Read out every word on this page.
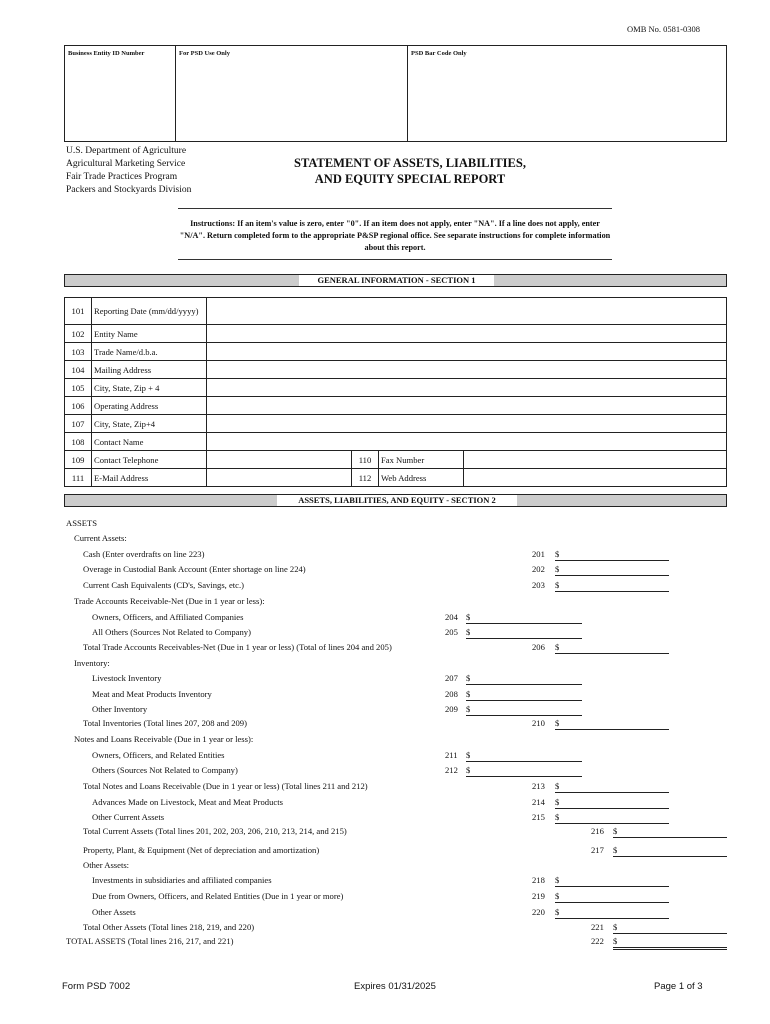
OMB No. 0581-0308
Business Entity ID Number	For PSD Use Only	PSD Bar Code Only
U.S. Department of Agriculture
Agricultural Marketing Service
Fair Trade Practices Program
Packers and Stockyards Division
STATEMENT OF ASSETS, LIABILITIES,
AND EQUITY SPECIAL REPORT
Instructions: If an item's value is zero, enter "0". If an item does not apply, enter "NA". If a line does not apply, enter "N/A". Return completed form to the appropriate P&SP regional office. See separate instructions for complete information about this report.
GENERAL INFORMATION - SECTION 1
101	Reporting Date (mm/dd/yyyy)				
102	Entity Name				
103	Trade Name/d.b.a.				
104	Mailing Address				
105	City, State, Zip + 4				
106	Operating Address				
107	City, State, Zip+4				
108	Contact Name				
109	Contact Telephone		110	Fax Number	
111	E-Mail Address		112	Web Address	
ASSETS, LIABILITIES, AND EQUITY - SECTION 2
ASSETS
Current Assets:
Cash (Enter overdrafts on line 223)	201 $
Overage in Custodial Bank Account (Enter shortage on line 224)	202 $
Current Cash Equivalents (CD's, Savings, etc.)	203 $
Trade Accounts Receivable-Net (Due in 1 year or less):
Owners, Officers, and Affiliated Companies	204 $
All Others (Sources Not Related to Company)	205 $
Total Trade Accounts Receivables-Net (Due in 1 year or less) (Total of lines 204 and 205)	206 $
Inventory:
Livestock Inventory	207 $
Meat and Meat Products Inventory	208 $
Other Inventory	209 $
Total Inventories (Total lines 207, 208 and 209)	210 $
Notes and Loans Receivable (Due in 1 year or less):
Owners, Officers, and Related Entities	211 $
Others (Sources Not Related to Company)	212 $
Total Notes and Loans Receivable (Due in 1 year or less) (Total lines 211 and 212)	213 $
Advances Made on Livestock, Meat and Meat Products	214 $
Other Current Assets	215 $
Total Current Assets (Total lines 201, 202, 203, 206, 210, 213, 214, and 215)	216 $
Property, Plant, & Equipment (Net of depreciation and amortization)	217 $
Other Assets:
Investments in subsidiaries and affiliated companies	218 $
Due from Owners, Officers, and Related Entities (Due in 1 year or more)	219 $
Other Assets	220 $
Total Other Assets (Total lines 218, 219, and 220)	221 $
TOTAL ASSETS (Total lines 216, 217, and 221)	222 $
Form PSD 7002	Expires 01/31/2025	Page 1 of 3
